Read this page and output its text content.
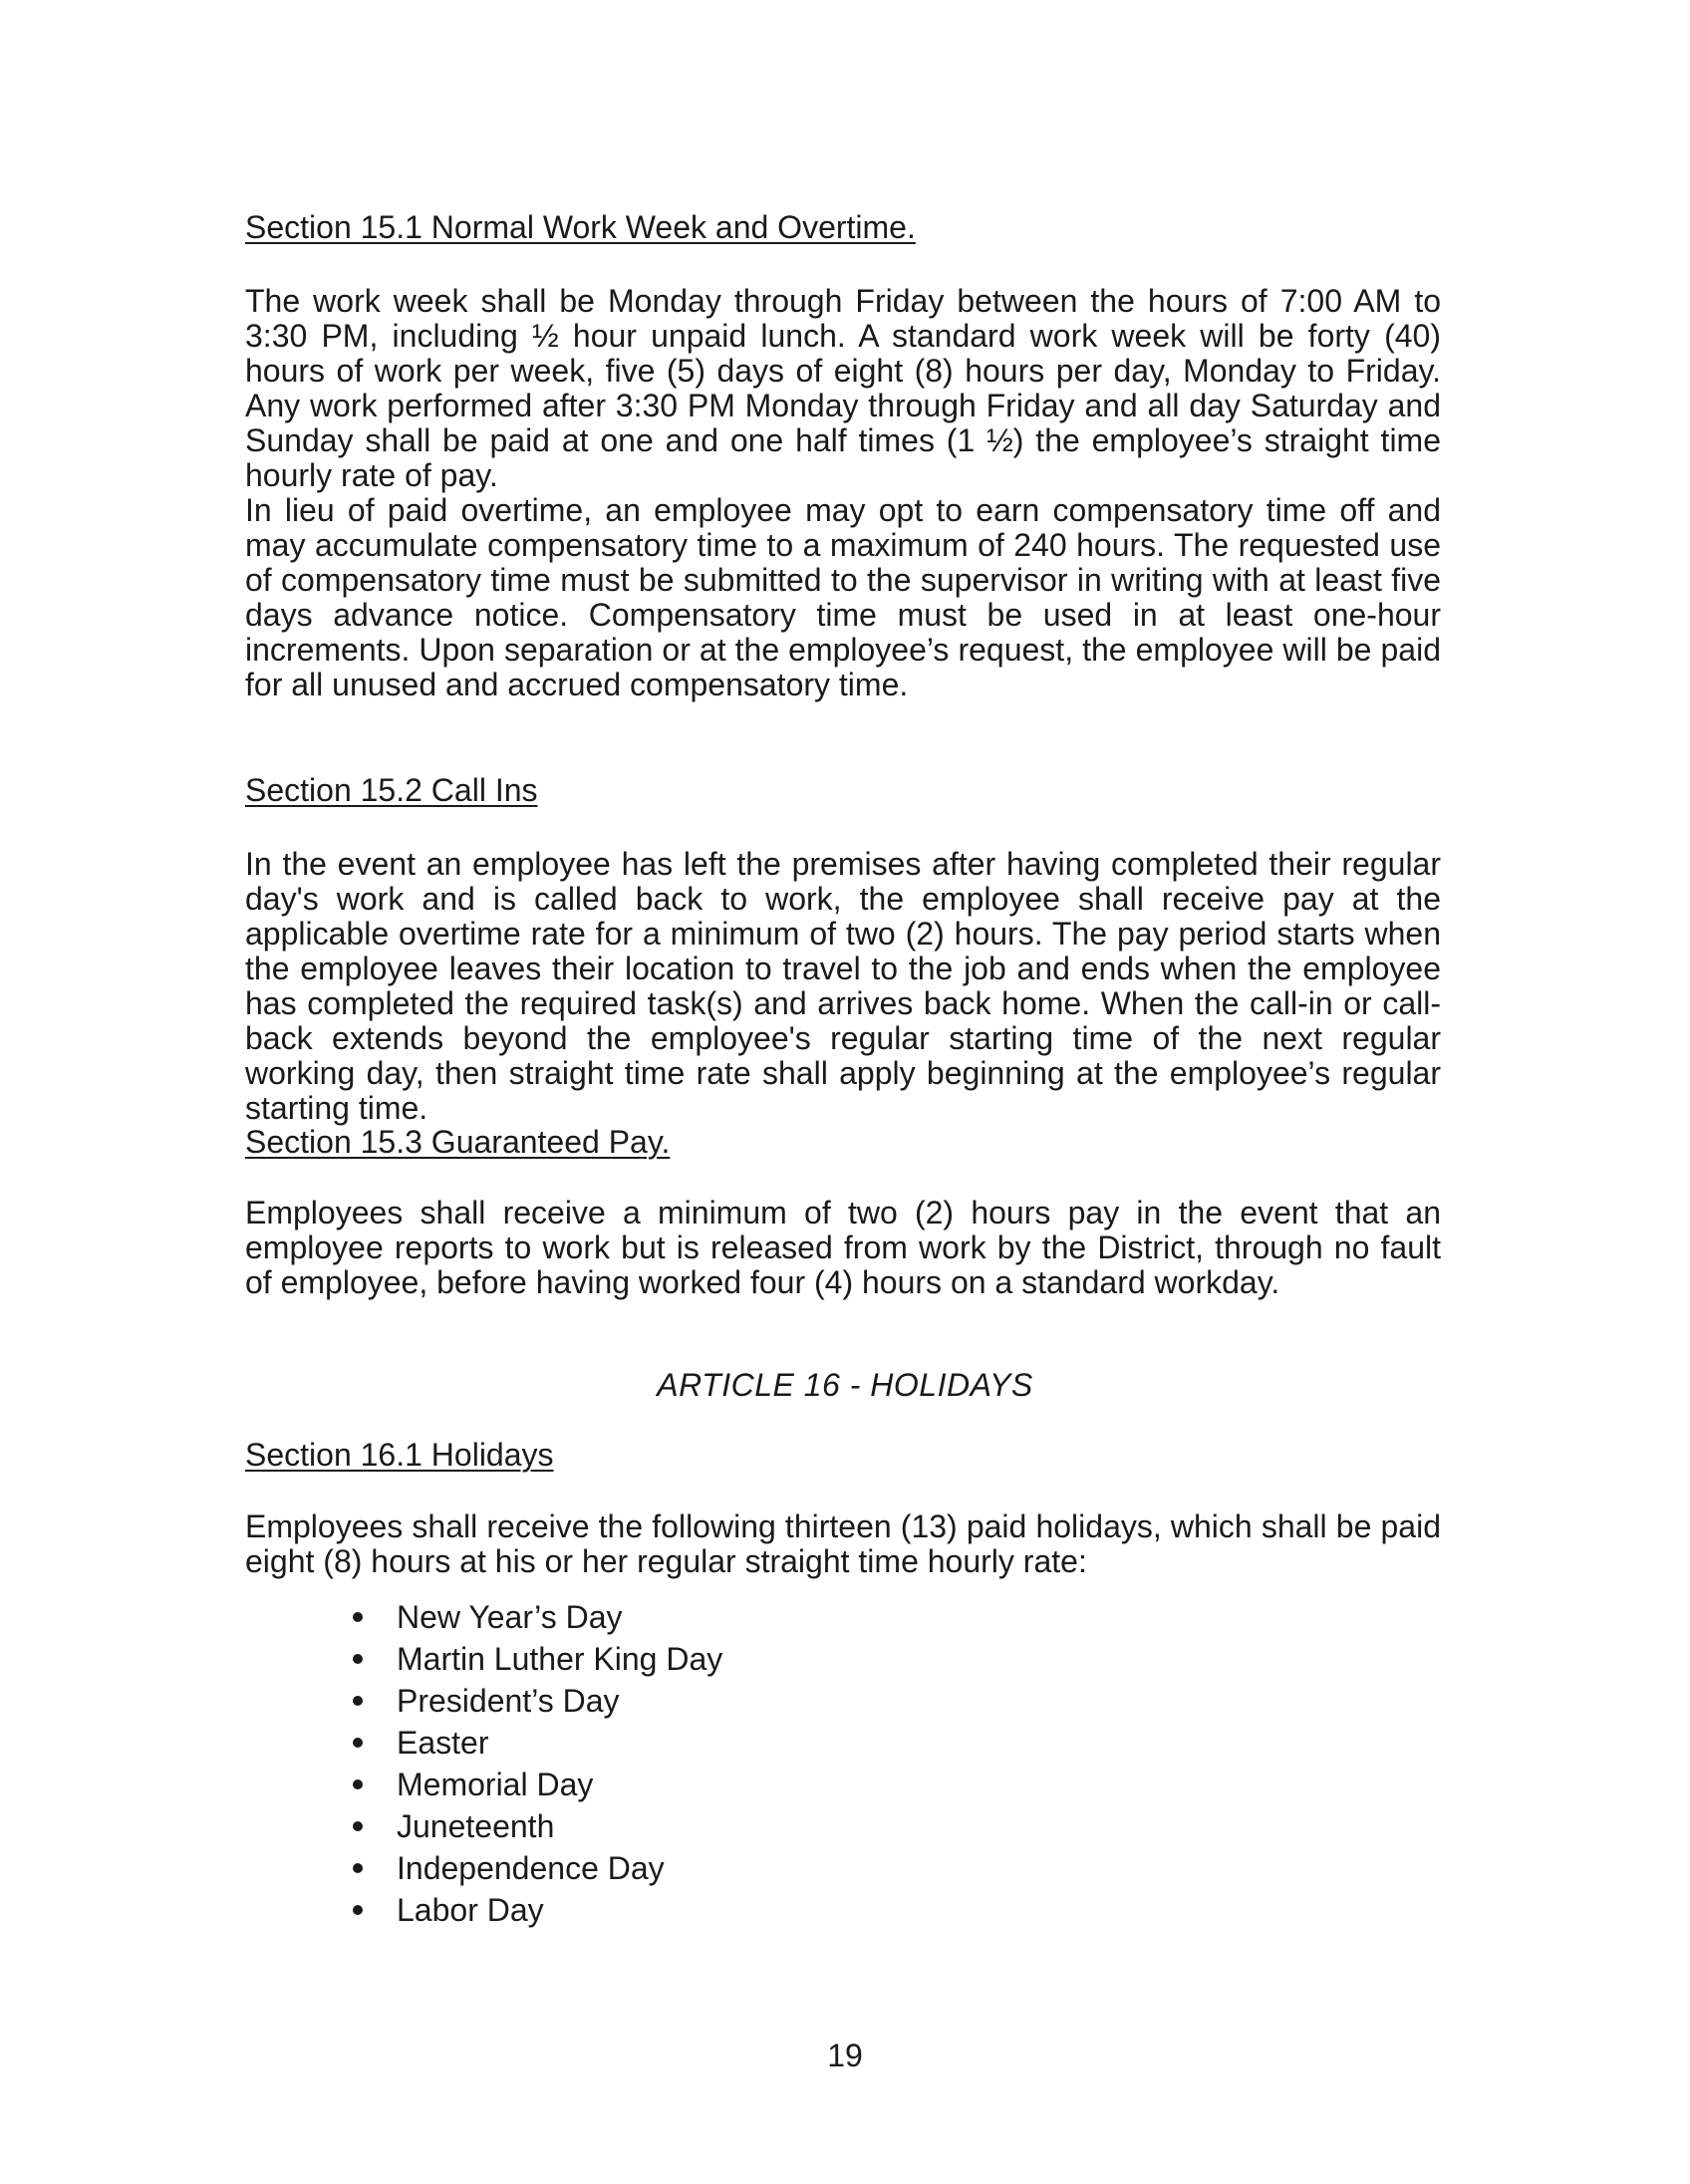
Section 15.1 Normal Work Week and Overtime.

The work week shall be Monday through Friday between the hours of 7:00 AM to 3:30 PM, including ½ hour unpaid lunch. A standard work week will be forty (40) hours of work per week, five (5) days of eight (8) hours per day, Monday to Friday. Any work performed after 3:30 PM Monday through Friday and all day Saturday and Sunday shall be paid at one and one half times (1 ½) the employee’s straight time hourly rate of pay.

In lieu of paid overtime, an employee may opt to earn compensatory time off and may accumulate compensatory time to a maximum of 240 hours. The requested use of compensatory time must be submitted to the supervisor in writing with at least five days advance notice. Compensatory time must be used in at least one-hour increments. Upon separation or at the employee’s request, the employee will be paid for all unused and accrued compensatory time.

Section 15.2 Call Ins

In the event an employee has left the premises after having completed their regular day's work and is called back to work, the employee shall receive pay at the applicable overtime rate for a minimum of two (2) hours. The pay period starts when the employee leaves their location to travel to the job and ends when the employee has completed the required task(s) and arrives back home. When the call-in or call-back extends beyond the employee's regular starting time of the next regular working day, then straight time rate shall apply beginning at the employee’s regular starting time.

Section 15.3 Guaranteed Pay.

Employees shall receive a minimum of two (2) hours pay in the event that an employee reports to work but is released from work by the District, through no fault of employee, before having worked four (4) hours on a standard workday.

ARTICLE 16 - HOLIDAYS
Section 16.1 Holidays

Employees shall receive the following thirteen (13) paid holidays, which shall be paid eight (8) hours at his or her regular straight time hourly rate:

New Year’s Day
Martin Luther King Day
President’s Day
Easter
Memorial Day
Juneteenth
Independence Day
Labor Day
19
